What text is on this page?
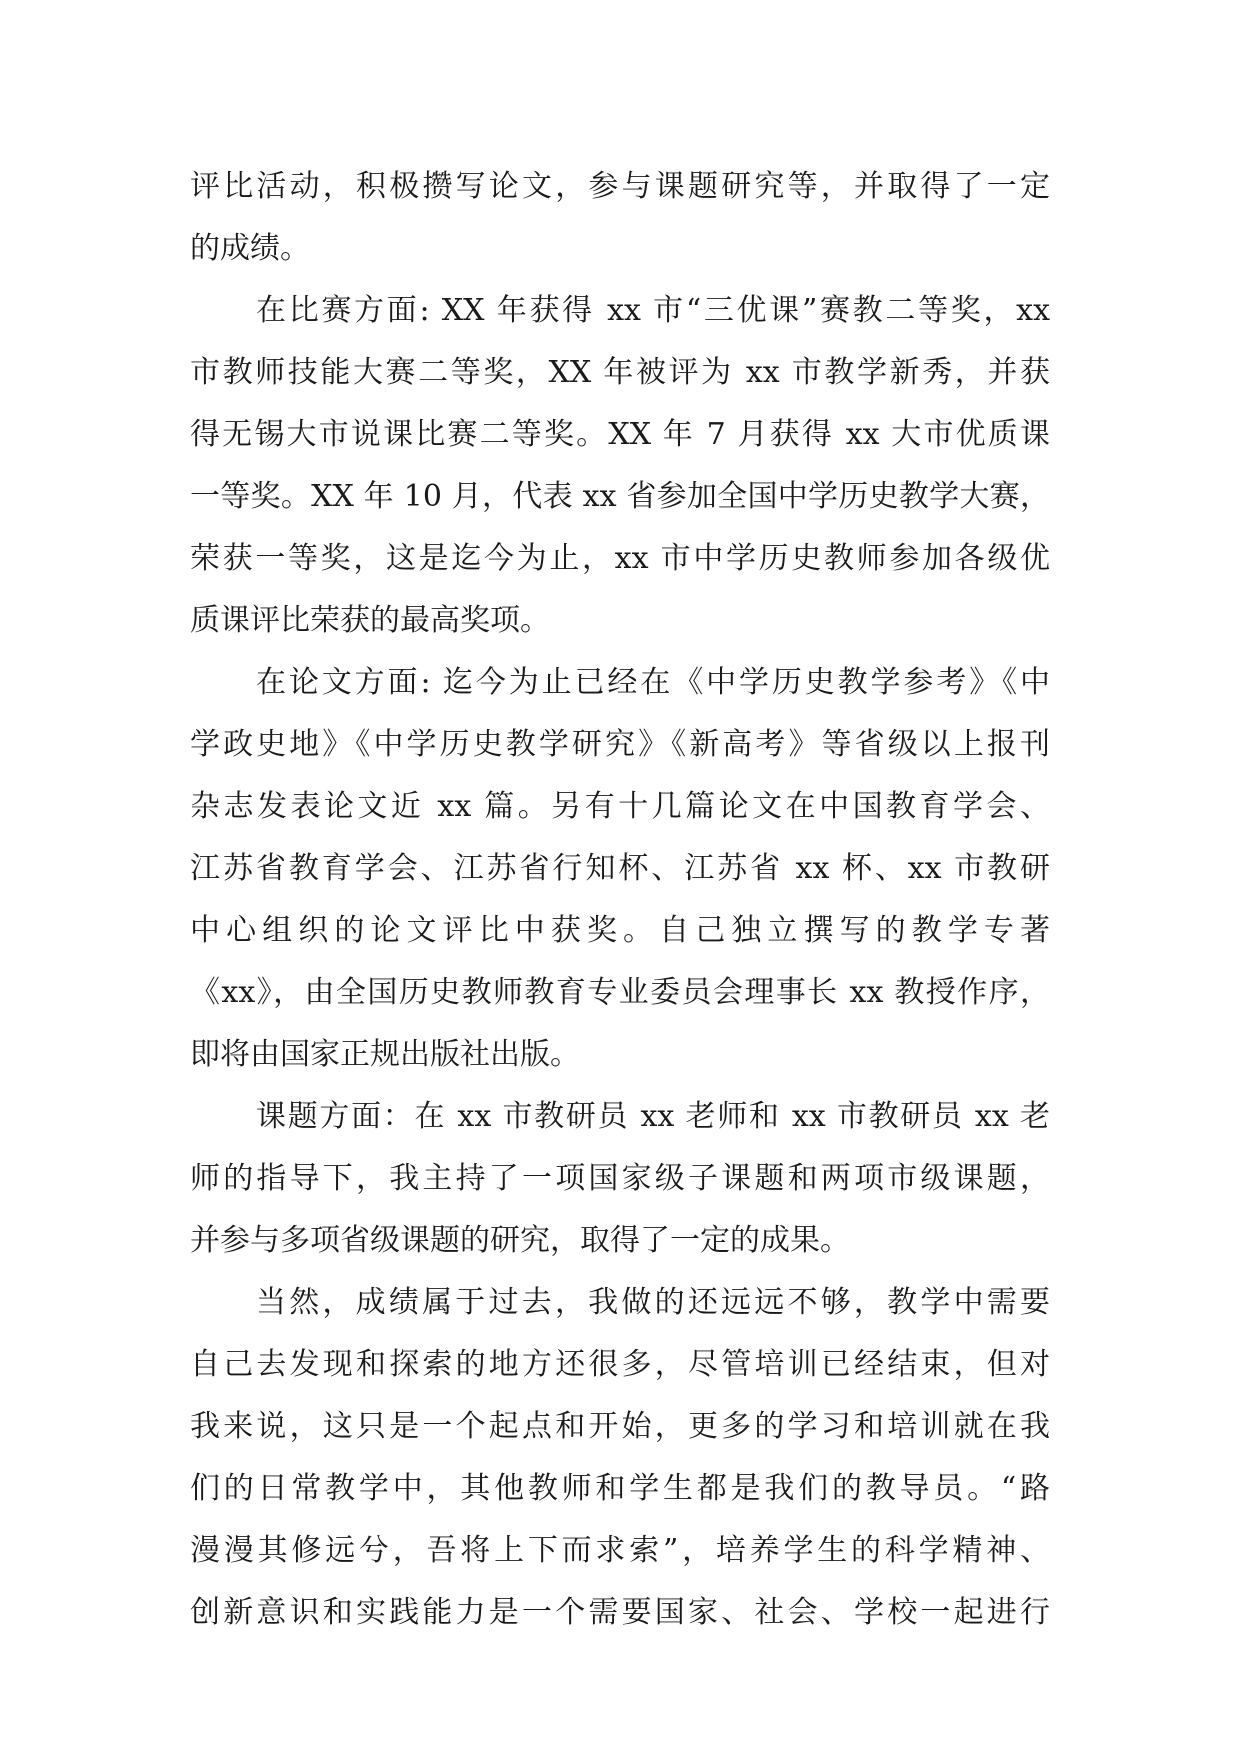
评比活动，积极攒写论文，参与课题研究等，并取得了一定
的成绩。
在比赛方面: XX 年获得 xx 市“三优课”赛教二等奖，xx
市教师技能大赛二等奖，XX 年被评为 xx 市教学新秀，并获
得无锡大市说课比赛二等奖。XX 年 7 月获得 xx 大市优质课
一等奖。XX 年 10 月，代表 xx 省参加全国中学历史教学大赛，
荣获一等奖，这是迄今为止，xx 市中学历史教师参加各级优
质课评比荣获的最高奖项。
在论文方面: 迄今为止已经在《中学历史教学参考》《中
学政史地》《中学历史教学研究》《新高考》等省级以上报刊
杂志发表论文近 xx 篇。另有十几篇论文在中国教育学会、
江苏省教育学会、江苏省行知杯、江苏省 xx 杯、xx 市教研
中心组织的论文评比中获奖。自己独立撰写的教学专著
《xx》，由全国历史教师教育专业委员会理事长 xx 教授作序，
即将由国家正规出版社出版。
课题方面：在 xx 市教研员 xx 老师和 xx 市教研员 xx 老
师的指导下，我主持了一项国家级子课题和两项市级课题，
并参与多项省级课题的研究，取得了一定的成果。
当然，成绩属于过去，我做的还远远不够，教学中需要
自己去发现和探索的地方还很多，尽管培训已经结束，但对
我来说，这只是一个起点和开始，更多的学习和培训就在我
们的日常教学中，其他教师和学生都是我们的教导员。“路
漫漫其修远兮，吾将上下而求索”，培养学生的科学精神、
创新意识和实践能力是一个需要国家、社会、学校一起进行
